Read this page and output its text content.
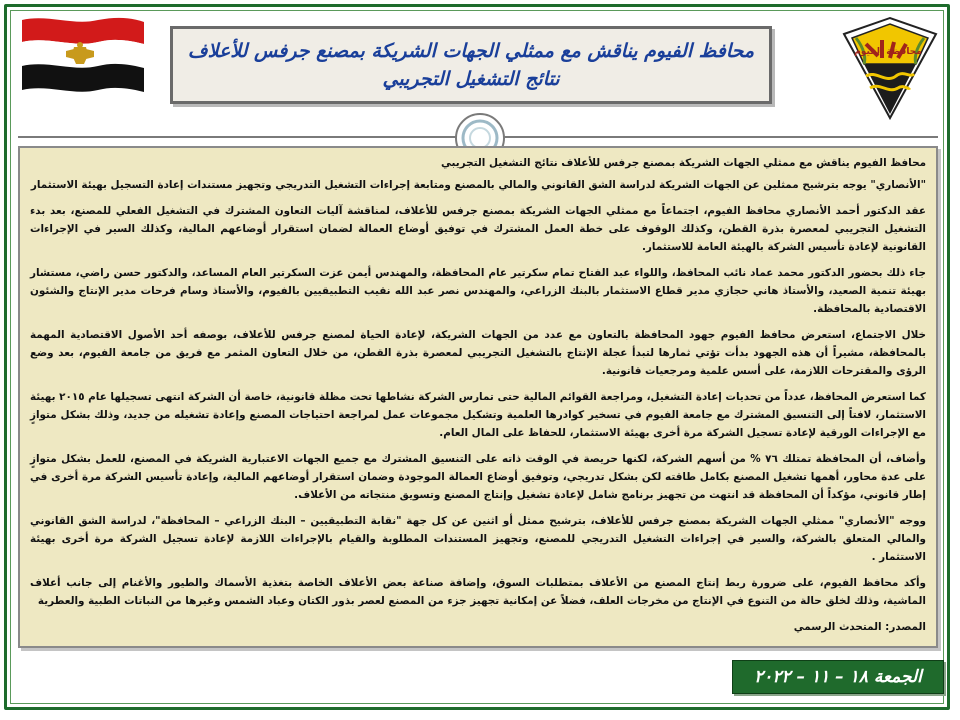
محافظة الفيوم
محافظ الفيوم يناقش مع ممثلي الجهات الشريكة بمصنع جرفس للأعلاف
نتائج التشغيل التجريبي

محافظ الفيوم يناقش مع ممثلي الجهات الشريكة بمصنع جرفس للأعلاف نتائج التشغيل التجريبي

"الأنصاري" يوجه بترشيح ممثلين عن الجهات الشريكة لدراسة الشق القانوني والمالي بالمصنع ومتابعة إجراءات التشغيل التدريجي وتجهيز مستندات إعادة التسجيل بهيئة الاستثمار

عقد الدكتور أحمد الأنصاري محافظ الفيوم، اجتماعاً مع ممثلي الجهات الشريكة بمصنع جرفس للأعلاف، لمناقشة آليات التعاون المشترك في التشغيل الفعلي للمصنع، بعد بدء التشغيل التجريبي لمعصرة بذرة القطن، وكذلك الوقوف على خطة العمل المشترك في توفيق أوضاع العمالة لضمان استقرار أوضاعهم المالية، وكذلك السير في الإجراءات القانونية لإعادة تأسيس الشركة بالهيئة العامة للاستثمار.

جاء ذلك بحضور الدكتور محمد عماد نائب المحافظ، واللواء عبد الفتاح تمام سكرتير عام المحافظة، والمهندس أيمن عزت السكرتير العام المساعد، والدكتور حسن راضي، مستشار بهيئة تنمية الصعيد، والأستاذ هاني حجازي مدير قطاع الاستثمار بالبنك الزراعي، والمهندس نصر عبد الله نقيب التطبيقيين بالفيوم، والأستاذ وسام فرحات مدير الإنتاج والشئون الاقتصادية بالمحافظة.

خلال الاجتماع، استعرض محافظ الفيوم جهود المحافظة بالتعاون مع عدد من الجهات الشريكة، لإعادة الحياة لمصنع جرفس للأعلاف، بوصفه أحد الأصول الاقتصادية المهمة بالمحافظة، مشيراً أن هذه الجهود بدأت تؤتي ثمارها لتبدأ عجلة الإنتاج بالتشغيل التجريبي لمعصرة بذرة القطن، من خلال التعاون المثمر مع فريق من جامعة الفيوم، بعد وضع الرؤى والمقترحات اللازمة، على أسس علمية ومرجعيات قانونية.

كما استعرض المحافظ، عدداً من تحديات إعادة التشغيل، ومراجعة القوائم المالية حتى تمارس الشركة نشاطها تحت مظلة قانونية، خاصة أن الشركة انتهى تسجيلها عام ٢٠١٥ بهيئة الاستثمار، لافتاً إلى التنسيق المشترك مع جامعة الفيوم في تسخير كوادرها العلمية وتشكيل مجموعات عمل لمراجعة احتياجات المصنع وإعادة تشغيله من جديد، وذلك بشكل متوازٍ مع الإجراءات الورقية لإعادة تسجيل الشركة مرة أخرى بهيئة الاستثمار، للحفاظ على المال العام.

وأضاف، أن المحافظة تمتلك ٧٦ % من أسهم الشركة، لكنها حريصة في الوقت ذاته على التنسيق المشترك مع جميع الجهات الاعتبارية الشريكة في المصنع، للعمل بشكل متوازٍ على عدة محاور، أهمها تشغيل المصنع بكامل طاقته لكن بشكل تدريجي، وتوفيق أوضاع العمالة الموجودة وضمان استقرار أوضاعهم المالية، وإعادة تأسيس الشركة مرة أخرى في إطار قانوني، مؤكداً أن المحافظة قد انتهت من تجهيز برنامج شامل لإعادة تشغيل وإنتاج المصنع وتسويق منتجاته من الأعلاف.

ووجه "الأنصاري" ممثلي الجهات الشريكة بمصنع جرفس للأعلاف، بترشيح ممثل أو اثنين عن كل جهة "نقابة التطبيقيين – البنك الزراعي – المحافظة"، لدراسة الشق القانوني والمالي المتعلق بالشركة، والسير في إجراءات التشغيل التدريجي للمصنع، وتجهيز المستندات المطلوبة والقيام بالإجراءات اللازمة لإعادة تسجيل الشركة مرة أخرى بهيئة الاستثمار .

وأكد محافظ الفيوم، على ضرورة ربط إنتاج المصنع من الأعلاف بمتطلبات السوق، وإضافة صناعة بعض الأعلاف الخاصة بتغذية الأسماك والطيور والأغنام إلى جانب أعلاف الماشية، وذلك لخلق حالة من التنوع في الإنتاج من مخرجات العلف، فضلاً عن إمكانية تجهيز جزء من المصنع لعصر بذور الكتان وعباد الشمس وغيرها من النباتات الطبية والعطرية

المصدر: المتحدث الرسمي

الجمعة ١٨ – ١١ – ٢٠٢٢
